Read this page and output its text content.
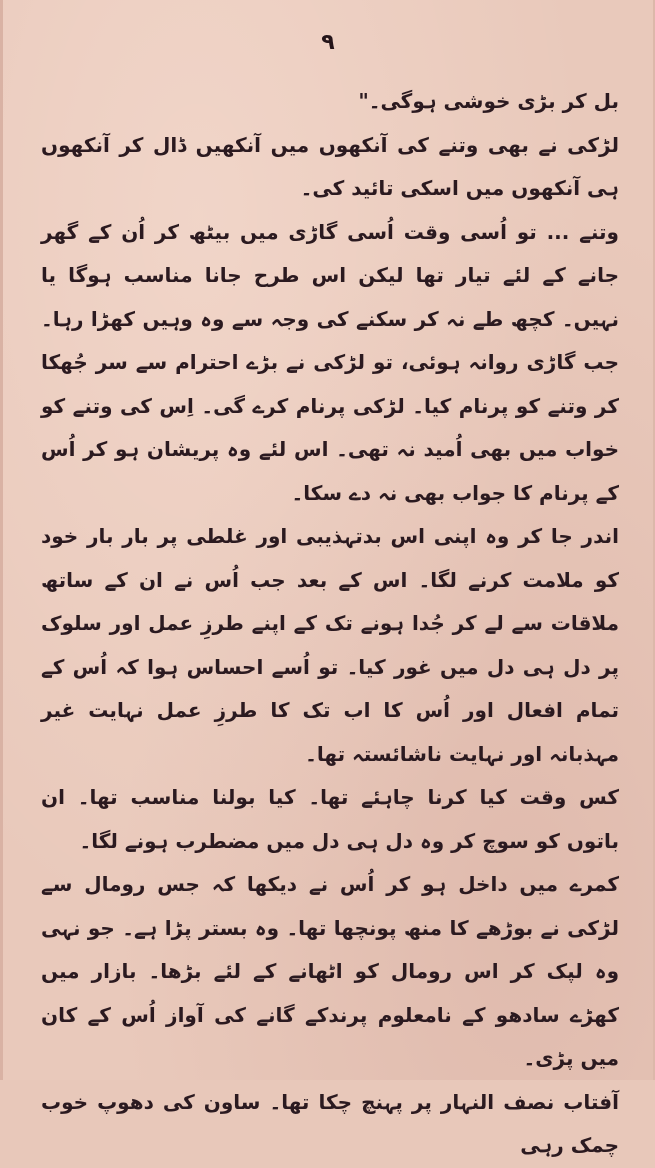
۹

بل کر بڑی خوشی ہوگی۔"

لڑکی نے بھی وتنے کی آنکھوں میں آنکھیں ڈال کر آنکھوں ہی آنکھوں میں اسکی تائید کی۔

وتنے ... تو اُسی وقت اُسی گاڑی میں بیٹھ کر اُن کے گھر جانے کے لئے تیار تھا لیکن اس طرح جانا مناسب ہوگا یا نہیں۔ کچھ طے نہ کر سکنے کی وجہ سے وہ وہیں کھڑا رہا۔ جب گاڑی روانہ ہوئی، تو لڑکی نے بڑے احترام سے سر جُھکا کر وتنے کو پرنام کیا۔ لڑکی پرنام کرے گی۔ اِس کی وتنے کو خواب میں بھی اُمید نہ تھی۔ اس لئے وہ پریشان ہو کر اُس کے پرنام کا جواب بھی نہ دے سکا۔

اندر جا کر وہ اپنی اس بدتہذیبی اور غلطی پر بار بار خود کو ملامت کرنے لگا۔ اس کے بعد جب اُس نے ان کے ساتھ ملاقات سے لے کر جُدا ہونے تک کے اپنے طرزِ عمل اور سلوک پر دل ہی دل میں غور کیا۔ تو اُسے احساس ہوا کہ اُس کے تمام افعال اور اُس کا اب تک کا طرزِ عمل نہایت غیر مہذبانہ اور نہایت ناشائستہ تھا۔

کس وقت کیا کرنا چاہئے تھا۔ کیا بولنا مناسب تھا۔ ان باتوں کو سوچ کر وہ دل ہی دل میں مضطرب ہونے لگا۔

کمرے میں داخل ہو کر اُس نے دیکھا کہ جس رومال سے لڑکی نے بوڑھے کا منھ پونچھا تھا۔ وہ بستر پڑا ہے۔ جو نہی وہ لپک کر اس رومال کو اٹھانے کے لئے بڑھا۔ بازار میں کھڑے سادھو کے نامعلوم پرندکے گانے کی آواز اُس کے کان میں پڑی۔

آفتاب نصف النہار پر پہنچ چکا تھا۔ ساون کی دھوپ خوب چمک رہی
